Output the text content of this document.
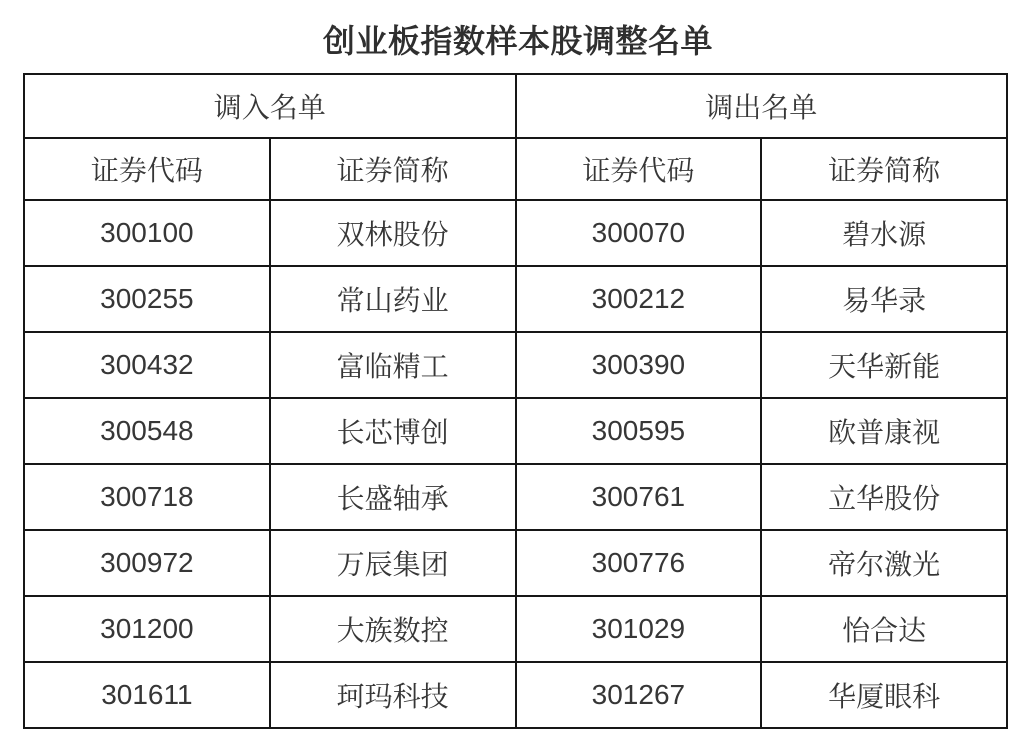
创业板指数样本股调整名单
调入名单		调出名单	
证券代码	证券简称	证券代码	证券简称
300100	双林股份	300070	碧水源
300255	常山药业	300212	易华录
300432	富临精工	300390	天华新能
300548	长芯博创	300595	欧普康视
300718	长盛轴承	300761	立华股份
300972	万辰集团	300776	帝尔激光
301200	大族数控	301029	怡合达
301611	珂玛科技	301267	华厦眼科
